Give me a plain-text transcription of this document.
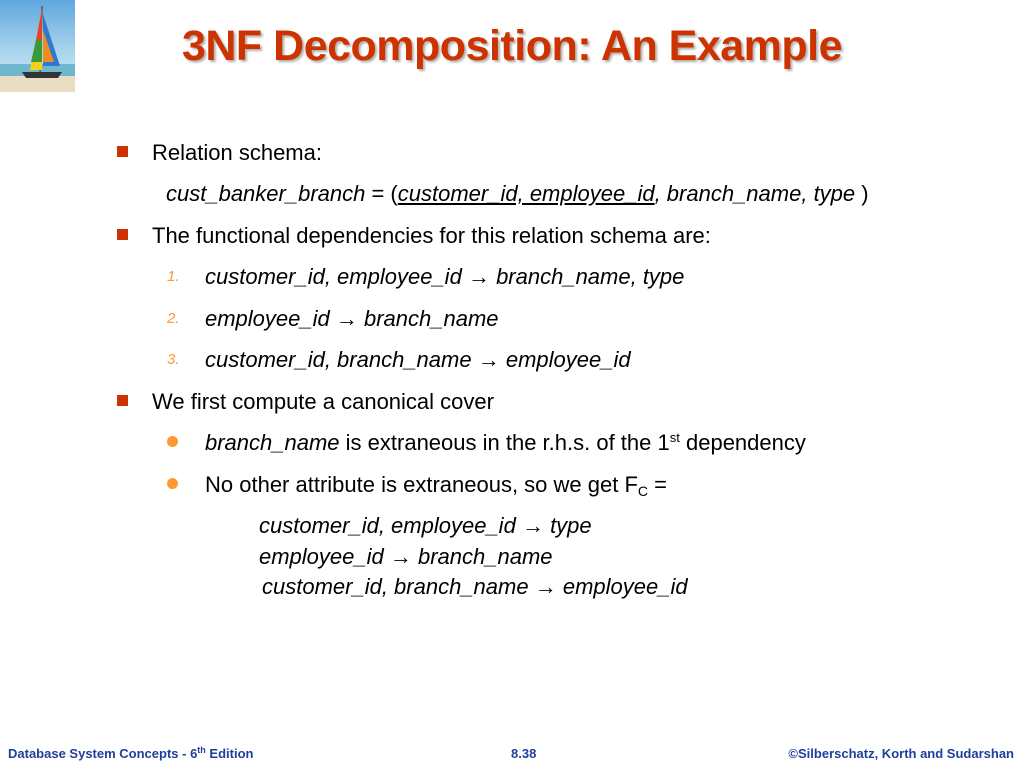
3NF Decomposition: An Example
Relation schema:
cust_banker_branch = (customer_id, employee_id, branch_name, type )
The functional dependencies for this relation schema are:
1. customer_id, employee_id → branch_name, type
2. employee_id → branch_name
3. customer_id, branch_name → employee_id
We first compute a canonical cover
branch_name is extraneous in the r.h.s. of the 1st dependency
No other attribute is extraneous, so we get $F_C$ =
customer_id, employee_id → type
employee_id → branch_name
customer_id, branch_name → employee_id
Database System Concepts - 6th Edition	8.38	©Silberschatz, Korth and Sudarshan
